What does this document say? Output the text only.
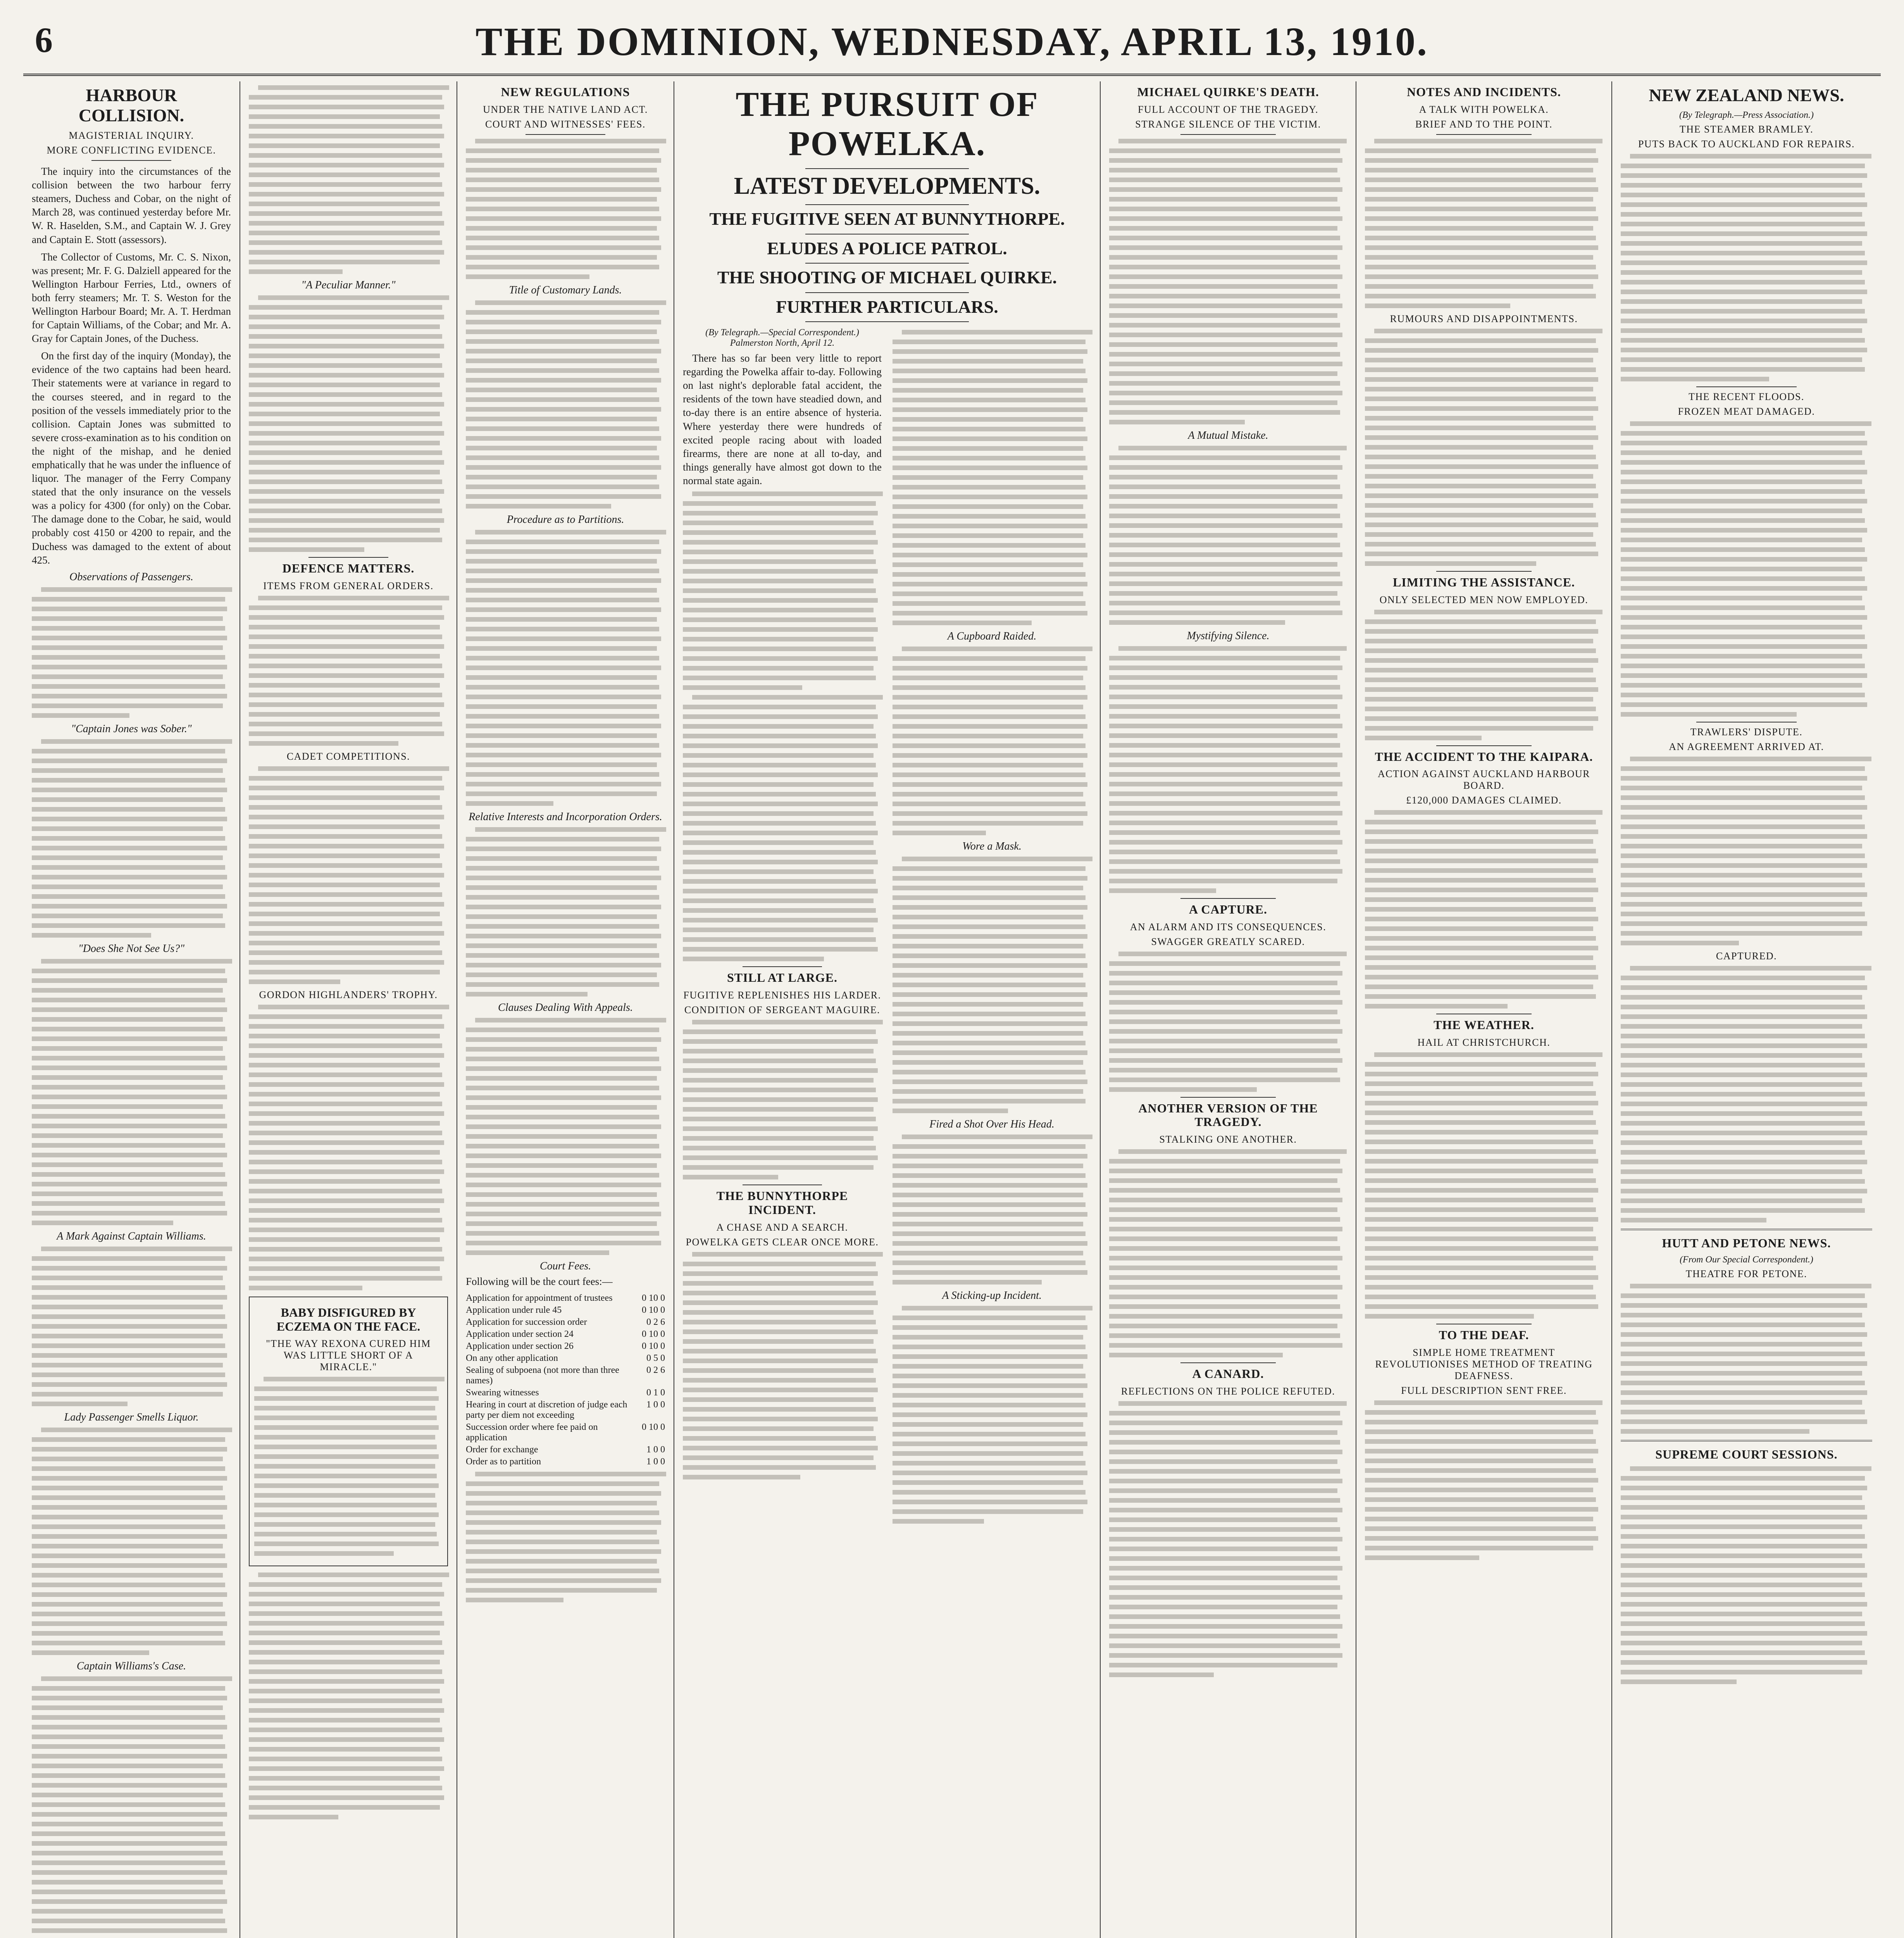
6	THE DOMINION, WEDNESDAY, APRIL 13, 1910.
HARBOUR COLLISION.
MAGISTERIAL INQUIRY.
MORE CONFLICTING EVIDENCE.

The inquiry into the circumstances of the collision between the two harbour ferry steamers, Duchess and Cobar, on the night of March 28, was continued yesterday before Mr. W. R. Haselden, S.M., and Captain W. J. Grey and Captain E. Stott (assessors).

The Collector of Customs, Mr. C. S. Nixon, was present; Mr. F. G. Dalziell appeared for the Wellington Harbour Ferries, Ltd., owners of both ferry steamers; Mr. T. S. Weston for the Wellington Harbour Board; Mr. A. T. Herdman for Captain Williams, of the Cobar; and Mr. A. Gray for Captain Jones, of the Duchess.

On the first day of the inquiry (Monday), the evidence of the two captains had been heard. Their statements were at variance in regard to the courses steered, and in regard to the position of the vessels immediately prior to the collision. Captain Jones was submitted to severe cross-examination as to his condition on the night of the mishap, and he denied emphatically that he was under the influence of liquor. The manager of the Ferry Company stated that the only insurance on the vessels was a policy for 4300 (for only) on the Cobar. The damage done to the Cobar, he said, would probably cost 4150 or 4200 to repair, and the Duchess was damaged to the extent of about 425.

Observations of Passengers.
"Captain Jones was Sober."
"Does She Not See Us?"
A Mark Against Captain Williams.
Lady Passenger Smells Liquor.
Captain Williams's Case.
"A Peculiar Manner."
DEFENCE MATTERS.
ITEMS FROM GENERAL ORDERS.
CADET COMPETITIONS.
GORDON HIGHLANDERS' TROPHY.
BABY DISFIGURED BY ECZEMA ON THE FACE.
"THE WAY REXONA CURED HIM WAS LITTLE SHORT OF A MIRACLE."
NEW REGULATIONS
UNDER THE NATIVE LAND ACT.
COURT AND WITNESSES' FEES.
Title of Customary Lands.
Procedure as to Partitions.
Relative Interests and Incorporation Orders.
Clauses Dealing With Appeals.
Court Fees.
Following will be the court fees:—
Application for appointment of trustees	0 10 0
Application under rule 45	0 10 0
Application for succession order	0 2 6
Application under section 24	0 10 0
Application under section 26	0 10 0
On any other application	0 5 0
Sealing of subpoena (not more than three names)	0 2 6
Swearing witnesses	0 1 0
Hearing in court at discretion of judge each party per diem not exceeding	1 0 0
Succession order where fee paid on application	0 10 0
Order for exchange	1 0 0
Order as to partition	1 0 0
THE PURSUIT OF POWELKA.
LATEST DEVELOPMENTS.
THE FUGITIVE SEEN AT BUNNYTHORPE.
ELUDES A POLICE PATROL.
THE SHOOTING OF MICHAEL QUIRKE.
FURTHER PARTICULARS.
(By Telegraph.—Special Correspondent.) Palmerston North, April 12.

There has so far been very little to report regarding the Powelka affair to-day. Following on last night's deplorable fatal accident, the residents of the town have steadied down, and to-day there is an entire absence of hysteria. Where yesterday there were hundreds of excited people racing about with loaded firearms, there are none at all to-day, and things generally have almost got down to the normal state again.

STILL AT LARGE.
FUGITIVE REPLENISHES HIS LARDER.
CONDITION OF SERGEANT MAGUIRE.
THE BUNNYTHORPE INCIDENT.
A CHASE AND A SEARCH.
POWELKA GETS CLEAR ONCE MORE.
A Cupboard Raided.
Wore a Mask.
Fired a Shot Over His Head.
A Sticking-up Incident.
MICHAEL QUIRKE'S DEATH.
FULL ACCOUNT OF THE TRAGEDY.
STRANGE SILENCE OF THE VICTIM.
A Mutual Mistake.
Mystifying Silence.
A CAPTURE.
AN ALARM AND ITS CONSEQUENCES.
SWAGGER GREATLY SCARED.
ANOTHER VERSION OF THE TRAGEDY.
STALKING ONE ANOTHER.
A CANARD.
REFLECTIONS ON THE POLICE REFUTED.
NOTES AND INCIDENTS.
A TALK WITH POWELKA.
BRIEF AND TO THE POINT.
RUMOURS AND DISAPPOINTMENTS.
LIMITING THE ASSISTANCE.
ONLY SELECTED MEN NOW EMPLOYED.
THE ACCIDENT TO THE KAIPARA.
ACTION AGAINST AUCKLAND HARBOUR BOARD.
£120,000 DAMAGES CLAIMED.
THE WEATHER.
HAIL AT CHRISTCHURCH.
TO THE DEAF.
SIMPLE HOME TREATMENT REVOLUTIONISES METHOD OF TREATING DEAFNESS.
FULL DESCRIPTION SENT FREE.
NEW ZEALAND NEWS.
(By Telegraph.—Press Association.)
THE STEAMER BRAMLEY.
PUTS BACK TO AUCKLAND FOR REPAIRS.
THE RECENT FLOODS.
FROZEN MEAT DAMAGED.
TRAWLERS' DISPUTE.
AN AGREEMENT ARRIVED AT.
CAPTURED.
HUTT AND PETONE NEWS.
(From Our Special Correspondent.)
THEATRE FOR PETONE.
SUPREME COURT SESSIONS.
